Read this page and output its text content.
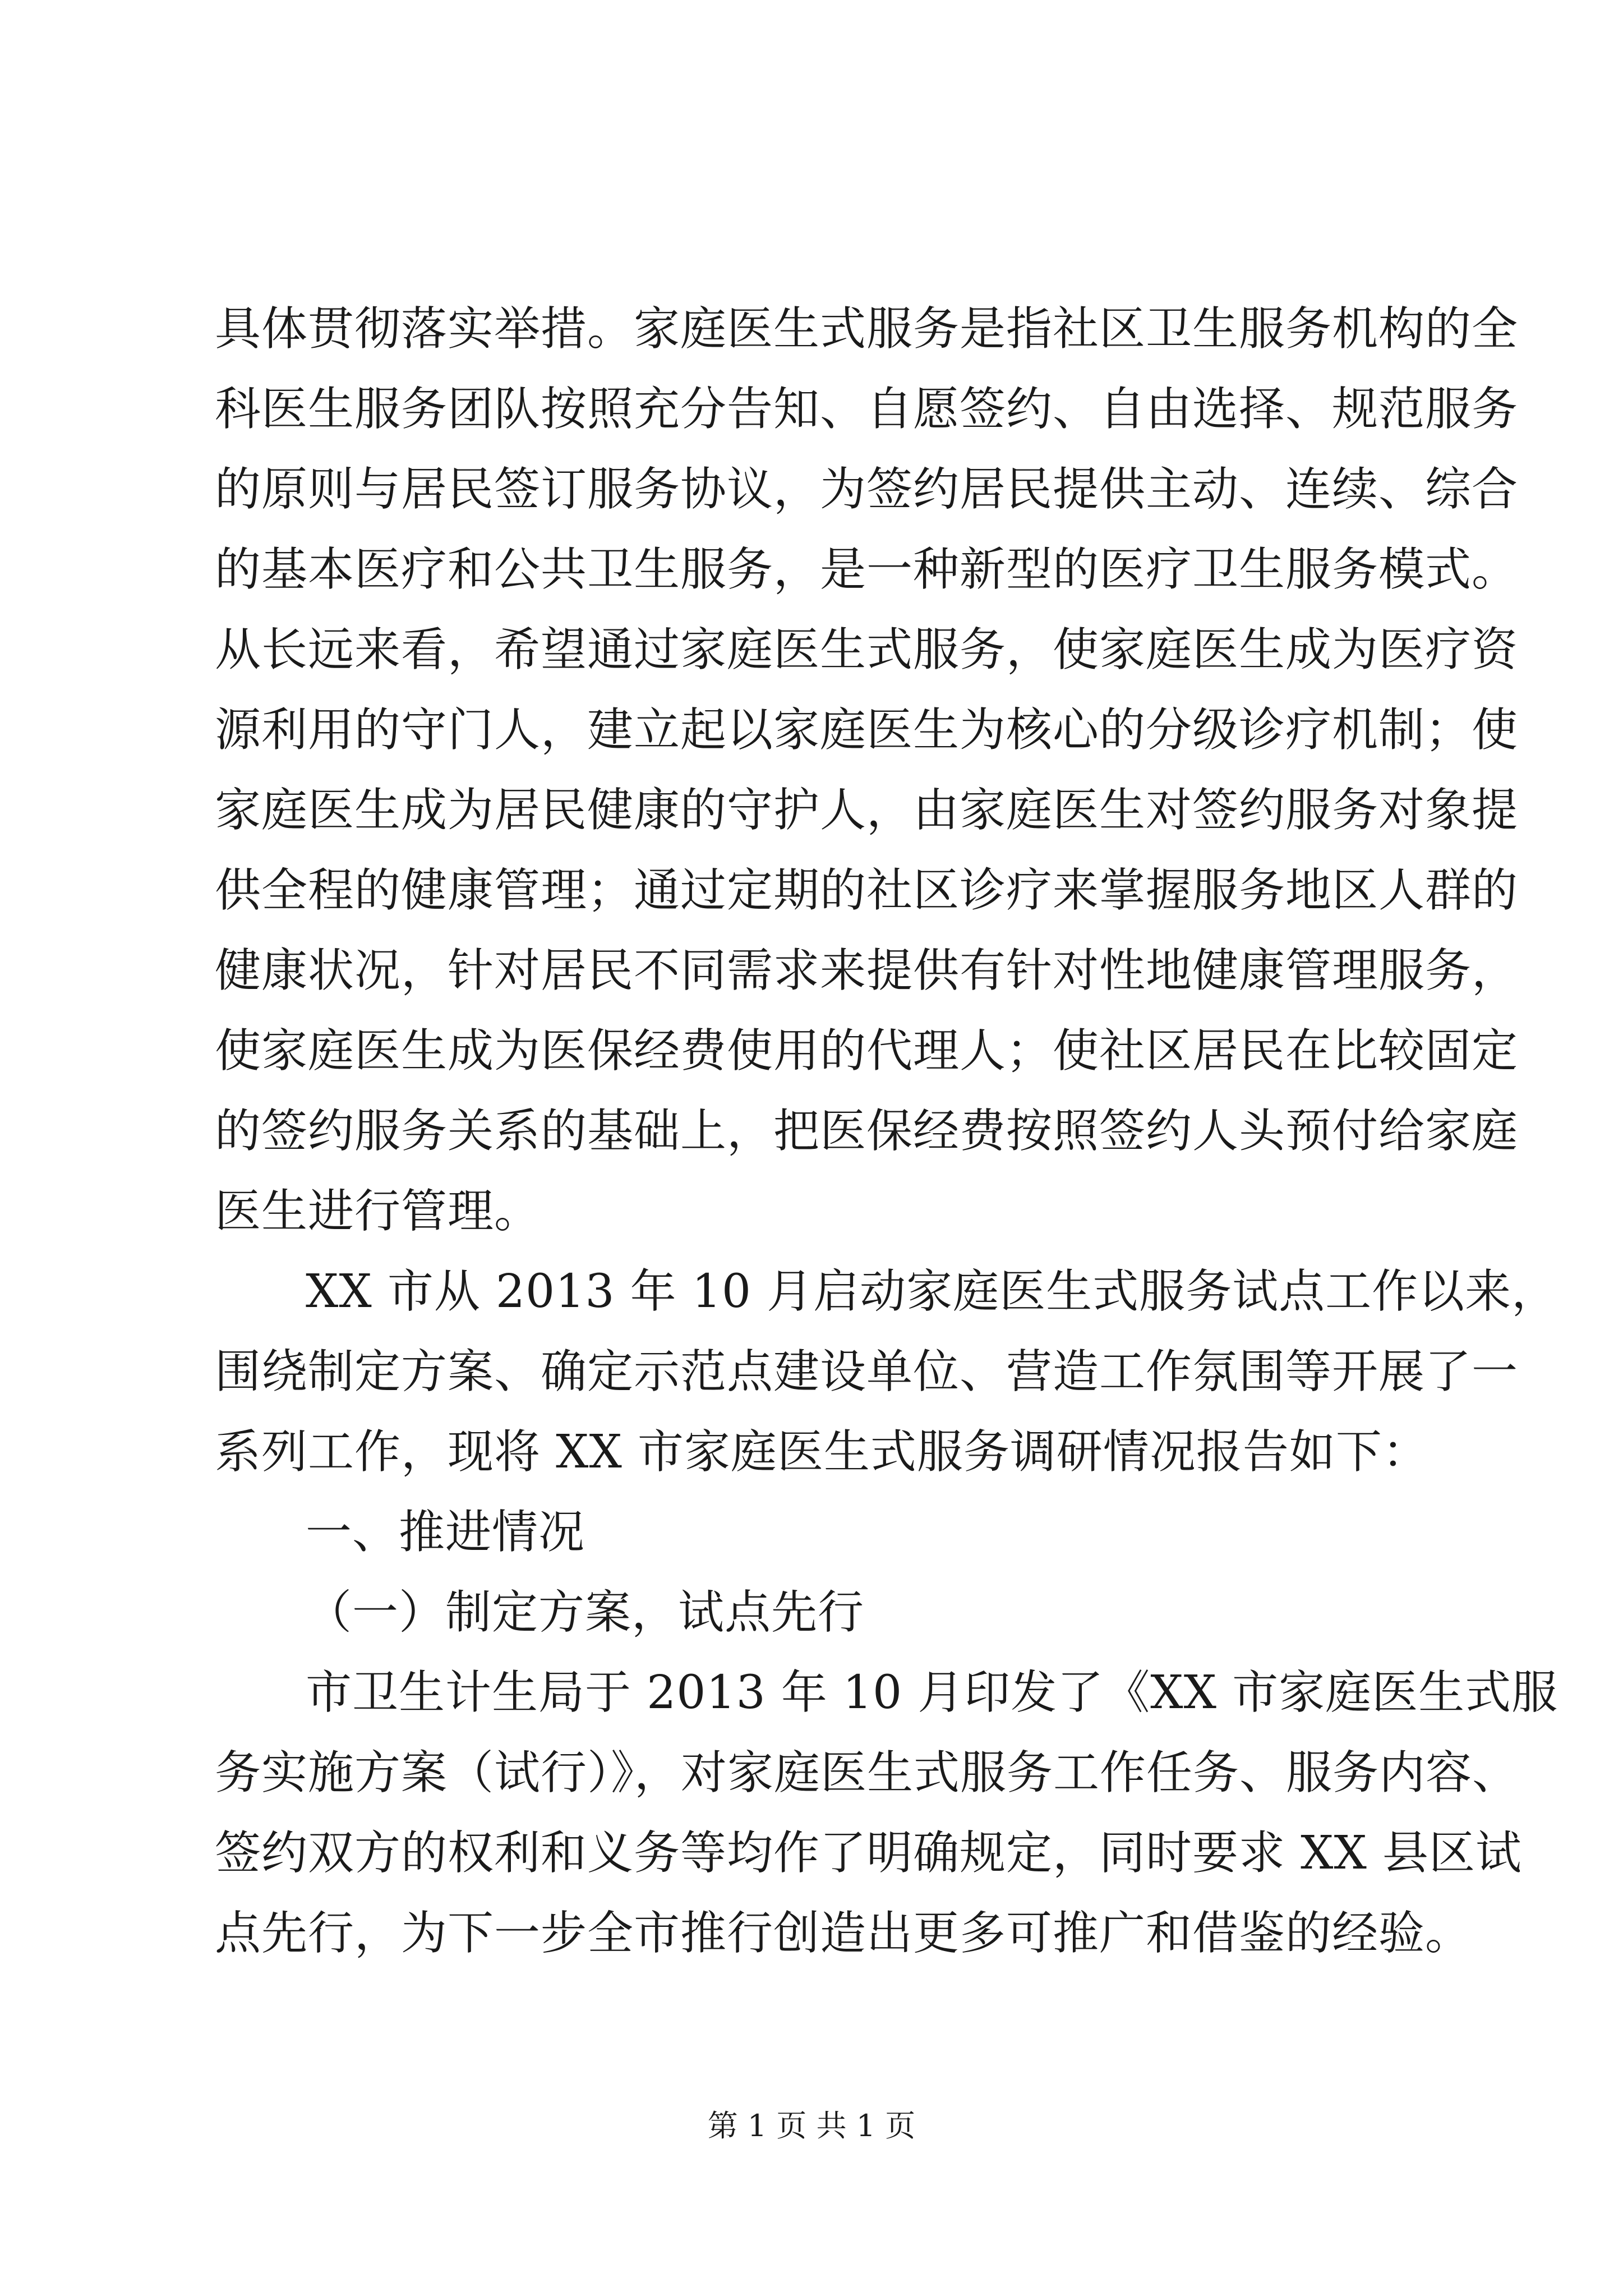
具体贯彻落实举措。家庭医生式服务是指社区卫生服务机构的全
科医生服务团队按照充分告知、自愿签约、自由选择、规范服务
的原则与居民签订服务协议，为签约居民提供主动、连续、综合
的基本医疗和公共卫生服务，是一种新型的医疗卫生服务模式。
从长远来看，希望通过家庭医生式服务，使家庭医生成为医疗资
源利用的守门人，建立起以家庭医生为核心的分级诊疗机制；使
家庭医生成为居民健康的守护人，由家庭医生对签约服务对象提
供全程的健康管理；通过定期的社区诊疗来掌握服务地区人群的
健康状况，针对居民不同需求来提供有针对性地健康管理服务，
使家庭医生成为医保经费使用的代理人；使社区居民在比较固定
的签约服务关系的基础上，把医保经费按照签约人头预付给家庭
医生进行管理。
XX 市从 2013 年 10 月启动家庭医生式服务试点工作以来，
围绕制定方案、确定示范点建设单位、营造工作氛围等开展了一
系列工作，现将 XX 市家庭医生式服务调研情况报告如下：
一、推进情况
（一）制定方案，试点先行
市卫生计生局于 2013 年 10 月印发了《XX 市家庭医生式服
务实施方案（试行）》，对家庭医生式服务工作任务、服务内容、
签约双方的权利和义务等均作了明确规定，同时要求 XX 县区试
点先行，为下一步全市推行创造出更多可推广和借鉴的经验。
第 1 页 共 1 页
